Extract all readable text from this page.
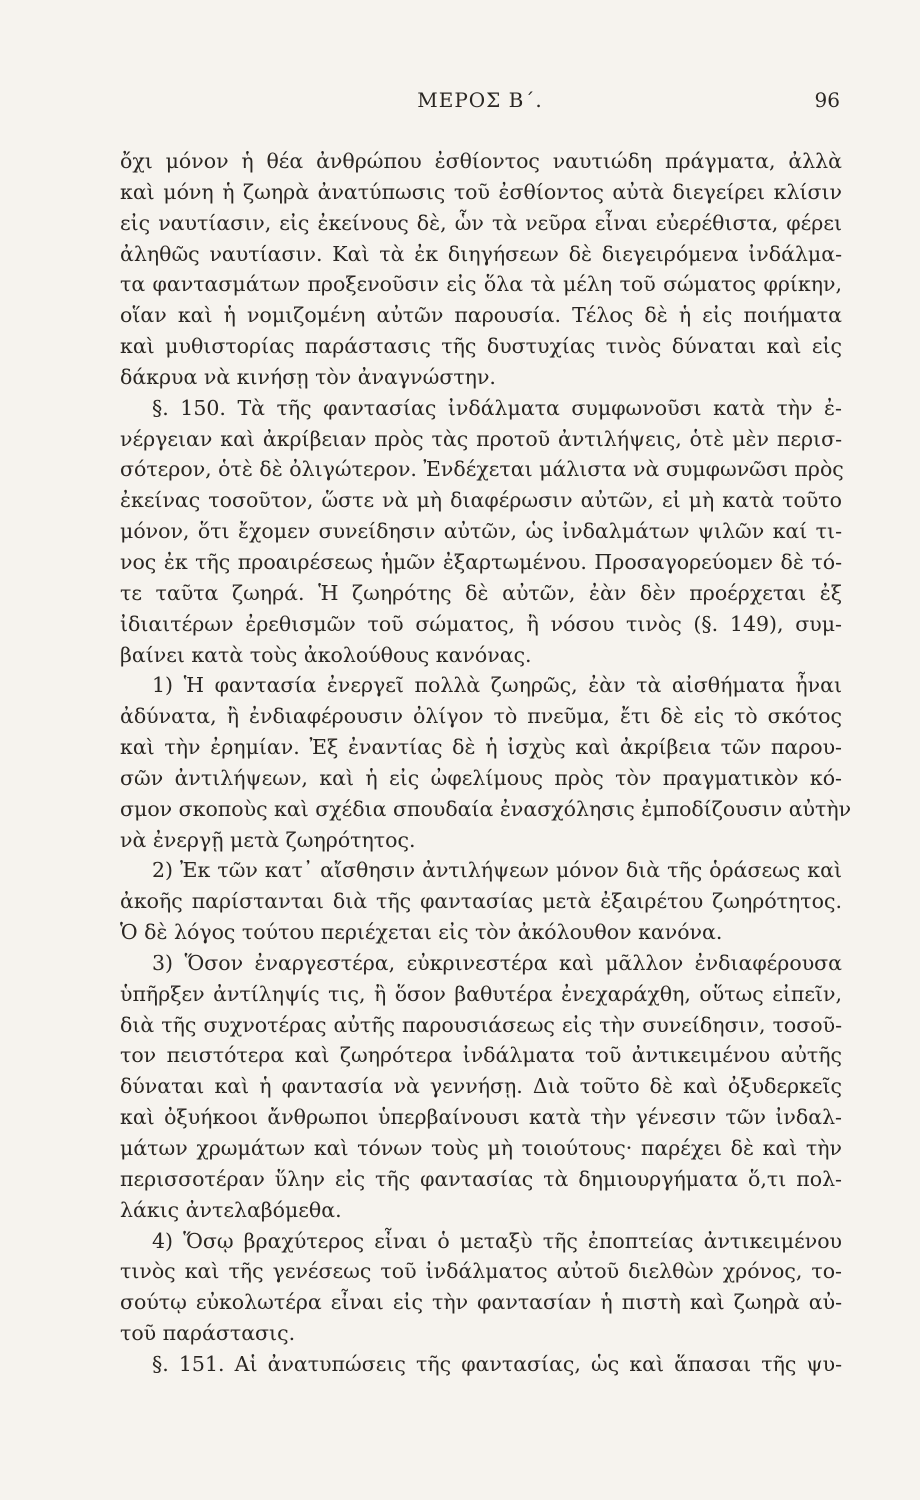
ΜΕΡΟΣ Β΄.	96
ὄχι μόνον ἡ θέα ἀνθρώπου ἐσθίοντος ναυτιώδη πράγματα, ἀλλὰ
καὶ μόνη ἡ ζωηρὰ ἀνατύπωσις τοῦ ἐσθίοντος αὐτὰ διεγείρει κλίσιν
εἰς ναυτίασιν, εἰς ἐκείνους δὲ, ὧν τὰ νεῦρα εἶναι εὐερέθιστα, φέρει
ἀληθῶς ναυτίασιν. Καὶ τὰ ἐκ διηγήσεων δὲ διεγειρόμενα ἰνδάλμα-
τα φαντασμάτων προξενοῦσιν εἰς ὅλα τὰ μέλη τοῦ σώματος φρίκην,
οἵαν καὶ ἡ νομιζομένη αὐτῶν παρουσία. Τέλος δὲ ἡ εἰς ποιήματα
καὶ μυθιστορίας παράστασις τῆς δυστυχίας τινὸς δύναται καὶ εἰς
δάκρυα νὰ κινήσῃ τὸν ἀναγνώστην.
§. 150. Τὰ τῆς φαντασίας ἰνδάλματα συμφωνοῦσι κατὰ τὴν ἐ-
νέργειαν καὶ ἀκρίβειαν πρὸς τὰς προτοῦ ἀντιλήψεις, ὁτὲ μὲν περισ-
σότερον, ὁτὲ δὲ ὀλιγώτερον. Ἐνδέχεται μάλιστα νὰ συμφωνῶσι πρὸς
ἐκείνας τοσοῦτον, ὥστε νὰ μὴ διαφέρωσιν αὐτῶν, εἰ μὴ κατὰ τοῦτο
μόνον, ὅτι ἔχομεν συνείδησιν αὐτῶν, ὡς ἰνδαλμάτων ψιλῶν καί τι-
νος ἐκ τῆς προαιρέσεως ἡμῶν ἐξαρτωμένου. Προσαγορεύομεν δὲ τό-
τε ταῦτα ζωηρά. Ἡ ζωηρότης δὲ αὐτῶν, ἐὰν δὲν προέρχεται ἐξ
ἰδιαιτέρων ἐρεθισμῶν τοῦ σώματος, ἢ νόσου τινὸς (§. 149), συμ-
βαίνει κατὰ τοὺς ἀκολούθους κανόνας.
1) Ἡ φαντασία ἐνεργεῖ πολλὰ ζωηρῶς, ἐὰν τὰ αἰσθήματα ἦναι
ἀδύνατα, ἢ ἐνδιαφέρουσιν ὀλίγον τὸ πνεῦμα, ἔτι δὲ εἰς τὸ σκότος
καὶ τὴν ἐρημίαν. Ἐξ ἐναντίας δὲ ἡ ἰσχὺς καὶ ἀκρίβεια τῶν παρου-
σῶν ἀντιλήψεων, καὶ ἡ εἰς ὠφελίμους πρὸς τὸν πραγματικὸν κό-
σμον σκοποὺς καὶ σχέδια σπουδαία ἐνασχόλησις ἐμποδίζουσιν αὐτὴν
νὰ ἐνεργῇ μετὰ ζωηρότητος.
2) Ἐκ τῶν κατ᾽ αἴσθησιν ἀντιλήψεων μόνον διὰ τῆς ὁράσεως καὶ
ἀκοῆς παρίστανται διὰ τῆς φαντασίας μετὰ ἐξαιρέτου ζωηρότητος.
Ὁ δὲ λόγος τούτου περιέχεται εἰς τὸν ἀκόλουθον κανόνα.
3) Ὅσον ἐναργεστέρα, εὐκρινεστέρα καὶ μᾶλλον ἐνδιαφέρουσα
ὑπῆρξεν ἀντίληψίς τις, ἢ ὅσον βαθυτέρα ἐνεχαράχθη, οὕτως εἰπεῖν,
διὰ τῆς συχνοτέρας αὐτῆς παρουσιάσεως εἰς τὴν συνείδησιν, τοσοῦ-
τον πειστότερα καὶ ζωηρότερα ἰνδάλματα τοῦ ἀντικειμένου αὐτῆς
δύναται καὶ ἡ φαντασία νὰ γεννήσῃ. Διὰ τοῦτο δὲ καὶ ὀξυδερκεῖς
καὶ ὀξυήκοοι ἄνθρωποι ὑπερβαίνουσι κατὰ τὴν γένεσιν τῶν ἰνδαλ-
μάτων χρωμάτων καὶ τόνων τοὺς μὴ τοιούτους· παρέχει δὲ καὶ τὴν
περισσοτέραν ὕλην εἰς τῆς φαντασίας τὰ δημιουργήματα ὅ,τι πολ-
λάκις ἀντελαβόμεθα.
4) Ὅσῳ βραχύτερος εἶναι ὁ μεταξὺ τῆς ἐποπτείας ἀντικειμένου
τινὸς καὶ τῆς γενέσεως τοῦ ἰνδάλματος αὐτοῦ διελθὼν χρόνος, το-
σούτῳ εὐκολωτέρα εἶναι εἰς τὴν φαντασίαν ἡ πιστὴ καὶ ζωηρὰ αὐ-
τοῦ παράστασις.
§. 151. Αἱ ἀνατυπώσεις τῆς φαντασίας, ὡς καὶ ἅπασαι τῆς ψυ-
